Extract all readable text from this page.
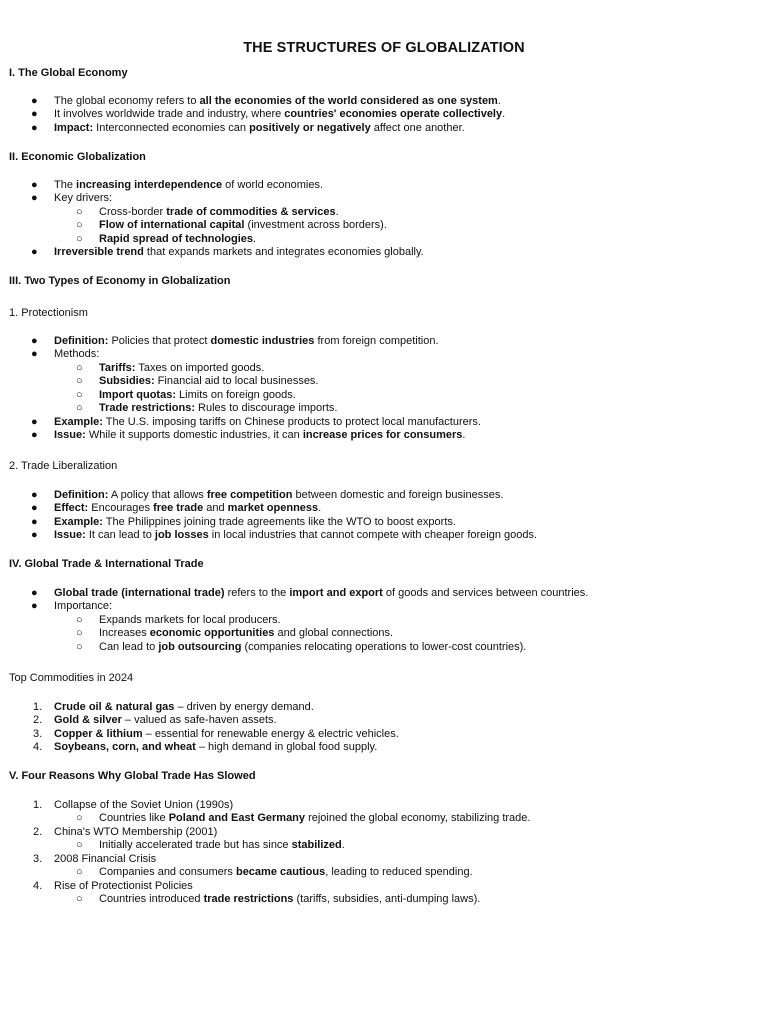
THE STRUCTURES OF GLOBALIZATION
I. The Global Economy
● The global economy refers to all the economies of the world considered as one system.
● It involves worldwide trade and industry, where countries' economies operate collectively.
● Impact: Interconnected economies can positively or negatively affect one another.
II. Economic Globalization
● The increasing interdependence of world economies.
● Key drivers:
○ Cross-border trade of commodities & services.
○ Flow of international capital (investment across borders).
○ Rapid spread of technologies.
● Irreversible trend that expands markets and integrates economies globally.
III. Two Types of Economy in Globalization
1. Protectionism
● Definition: Policies that protect domestic industries from foreign competition.
● Methods:
○ Tariffs: Taxes on imported goods.
○ Subsidies: Financial aid to local businesses.
○ Import quotas: Limits on foreign goods.
○ Trade restrictions: Rules to discourage imports.
● Example: The U.S. imposing tariffs on Chinese products to protect local manufacturers.
● Issue: While it supports domestic industries, it can increase prices for consumers.
2. Trade Liberalization
● Definition: A policy that allows free competition between domestic and foreign businesses.
● Effect: Encourages free trade and market openness.
● Example: The Philippines joining trade agreements like the WTO to boost exports.
● Issue: It can lead to job losses in local industries that cannot compete with cheaper foreign goods.
IV. Global Trade & International Trade
● Global trade (international trade) refers to the import and export of goods and services between countries.
● Importance:
○ Expands markets for local producers.
○ Increases economic opportunities and global connections.
○ Can lead to job outsourcing (companies relocating operations to lower-cost countries).
Top Commodities in 2024
1. Crude oil & natural gas – driven by energy demand.
2. Gold & silver – valued as safe-haven assets.
3. Copper & lithium – essential for renewable energy & electric vehicles.
4. Soybeans, corn, and wheat – high demand in global food supply.
V. Four Reasons Why Global Trade Has Slowed
1. Collapse of the Soviet Union (1990s)
○ Countries like Poland and East Germany rejoined the global economy, stabilizing trade.
2. China's WTO Membership (2001)
○ Initially accelerated trade but has since stabilized.
3. 2008 Financial Crisis
○ Companies and consumers became cautious, leading to reduced spending.
4. Rise of Protectionist Policies
○ Countries introduced trade restrictions (tariffs, subsidies, anti-dumping laws).
